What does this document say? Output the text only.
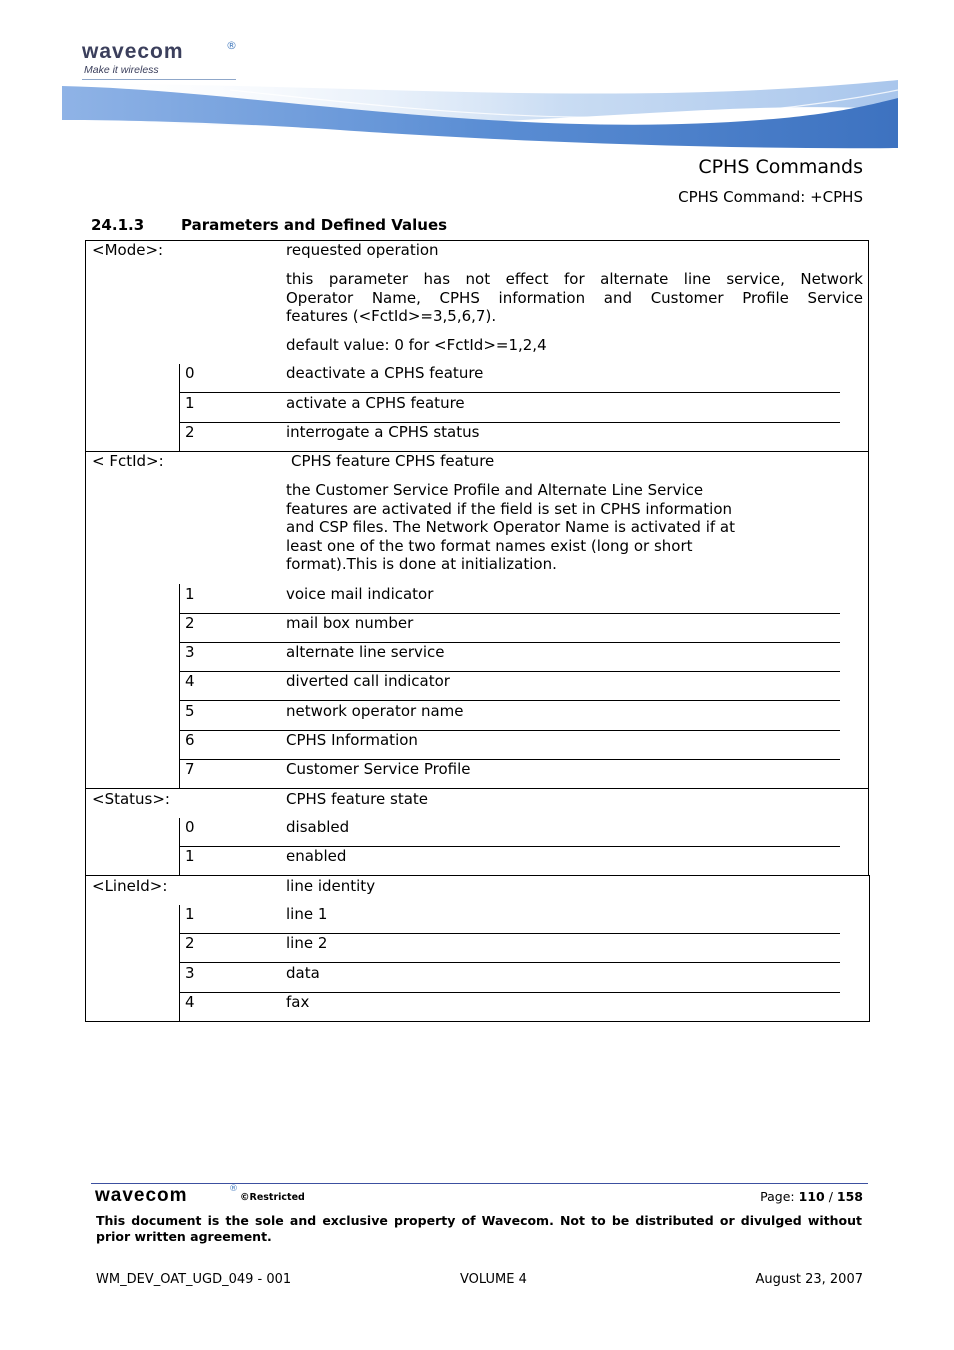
wavecom	®
Make it wireless
CPHS Commands
CPHS Command: +CPHS
24.1.3 Parameters and Defined Values
<Mode>:	requested operation
this parameter has not effect for alternate line service, Network
Operator Name, CPHS information and Customer Profile Service
features (<FctId>=3,5,6,7).
default value: 0 for <FctId>=1,2,4
0	deactivate a CPHS feature
1	activate a CPHS feature
2	interrogate a CPHS status
< FctId>:	CPHS feature CPHS feature
the Customer Service Profile and Alternate Line Service
features are activated if the field is set in CPHS information
and CSP files. The Network Operator Name is activated if at
least one of the two format names exist (long or short
format).This is done at initialization.
1	voice mail indicator
2	mail box number
3	alternate line service
4	diverted call indicator
5	network operator name
6	CPHS Information
7	Customer Service Profile
<Status>:	CPHS feature state
0	disabled
1	enabled
<LineId>:	line identity
1	line 1
2	line 2
3	data
4	fax
wavecom	®
©Restricted	Page: 110 / 158
This document is the sole and exclusive property of Wavecom. Not to be distributed or divulged without prior written agreement.
WM_DEV_OAT_UGD_049 - 001	VOLUME 4	August 23, 2007
